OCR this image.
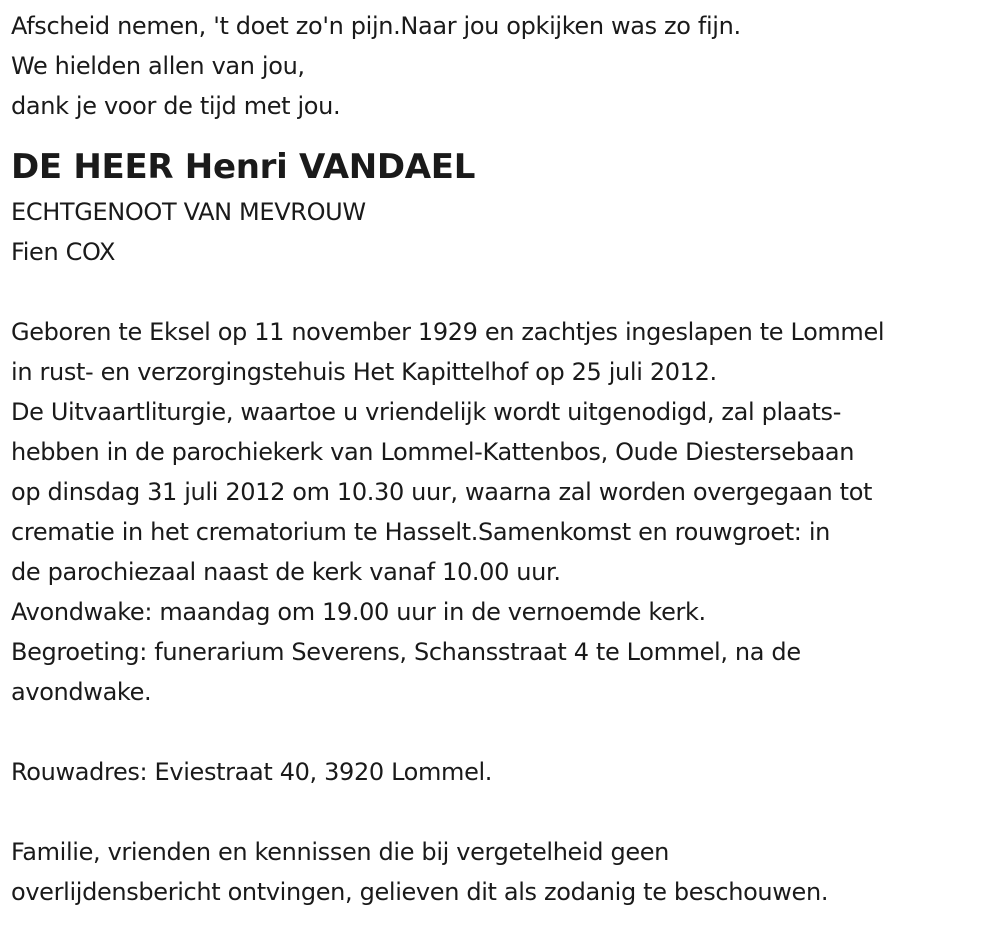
Afscheid nemen, 't doet zo'n pijn.Naar jou opkijken was zo fijn.
We hielden allen van jou,
dank je voor de tijd met jou.
DE HEER Henri VANDAEL
ECHTGENOOT VAN MEVROUW
Fien COX
Geboren te Eksel op 11 november 1929 en zachtjes ingeslapen te Lommel
in rust- en verzorgingstehuis Het Kapittelhof op 25 juli 2012.
De Uitvaartliturgie, waartoe u vriendelijk wordt uitgenodigd, zal plaats-
hebben in de parochiekerk van Lommel-Kattenbos, Oude Diestersebaan
op dinsdag 31 juli 2012 om 10.30 uur, waarna zal worden overgegaan tot
crematie in het crematorium te Hasselt.Samenkomst en rouwgroet: in
de parochiezaal naast de kerk vanaf 10.00 uur.
Avondwake: maandag om 19.00 uur in de vernoemde kerk.
Begroeting: funerarium Severens, Schansstraat 4 te Lommel, na de
avondwake.
Rouwadres: Eviestraat 40, 3920 Lommel.
Familie, vrienden en kennissen die bij vergetelheid geen
overlijdensbericht ontvingen, gelieven dit als zodanig te beschouwen.
